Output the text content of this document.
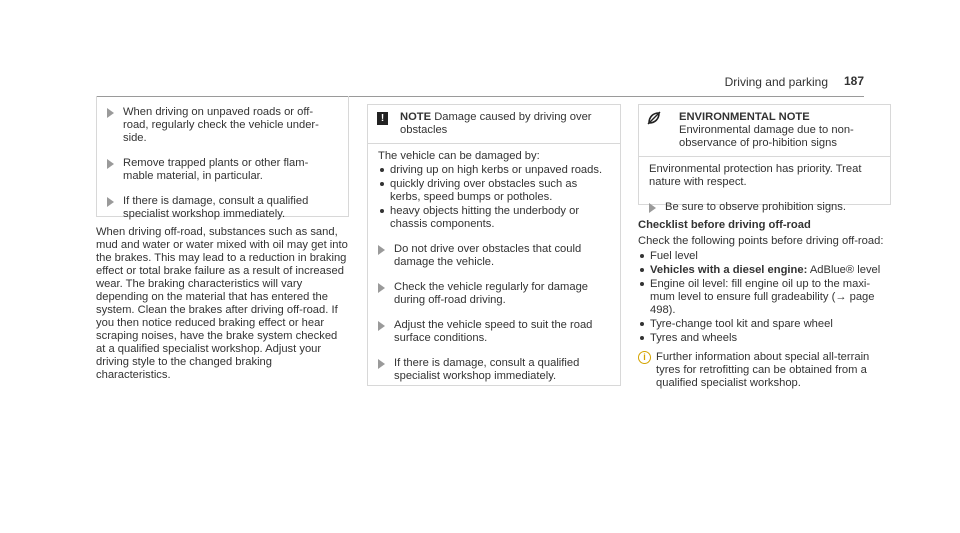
Driving and parking 187
When driving on unpaved roads or off-road, regularly check the vehicle under-side.
Remove trapped plants or other flam-mable material, in particular.
If there is damage, consult a qualified specialist workshop immediately.

When driving off-road, substances such as sand, mud and water or water mixed with oil may get into the brakes. This may lead to a reduction in braking effect or total brake failure as a result of increased wear. The braking characteristics will vary depending on the material that has entered the system. Clean the brakes after driving off-road. If you then notice reduced braking effect or hear scraping noises, have the brake system checked at a qualified specialist workshop. Adjust your driving style to the changed braking characteristics.

!	NOTE Damage caused by driving over obstacles

The vehicle can be damaged by:

driving up on high kerbs or unpaved roads.
quickly driving over obstacles such as kerbs, speed bumps or potholes.
heavy objects hitting the underbody or chassis components.
Do not drive over obstacles that could damage the vehicle.
Check the vehicle regularly for damage during off-road driving.
Adjust the vehicle speed to suit the road surface conditions.
If there is damage, consult a qualified specialist workshop immediately.
ENVIRONMENTAL NOTE Environmental damage due to non-observance of pro-hibition signs

Environmental protection has priority. Treat nature with respect.

Be sure to observe prohibition signs.

Checklist before driving off-road

Check the following points before driving off-road:

Fuel level
Vehicles with a diesel engine: AdBlue® level
Engine oil level: fill engine oil up to the maxi-mum level to ensure full gradeability (→ page 498).
Tyre-change tool kit and spare wheel
Tyres and wheels
i Further information about special all-terrain tyres for retrofitting can be obtained from a qualified specialist workshop.
